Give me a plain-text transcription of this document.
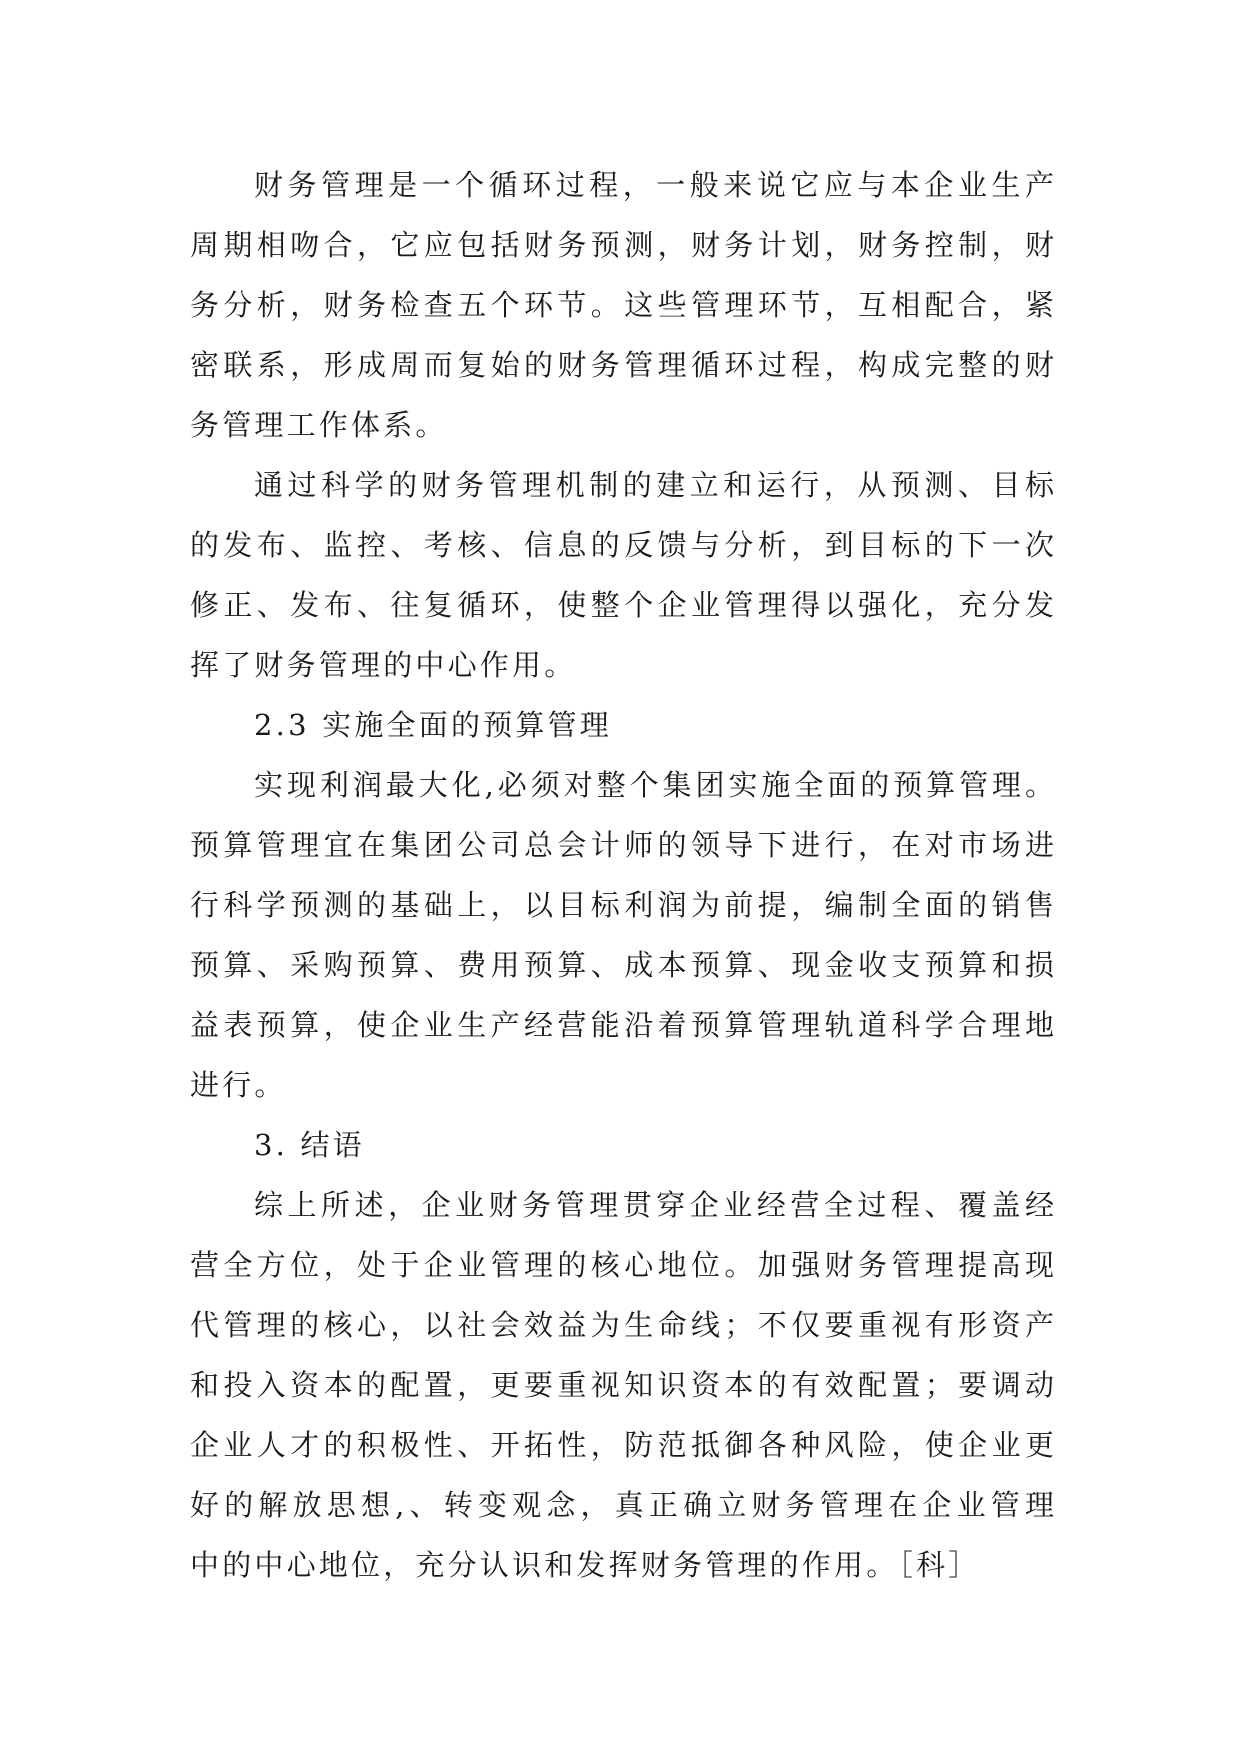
财务管理是一个循环过程，一般来说它应与本企业生产
周期相吻合，它应包括财务预测，财务计划，财务控制，财
务分析，财务检查五个环节。这些管理环节，互相配合，紧
密联系，形成周而复始的财务管理循环过程，构成完整的财
务管理工作体系。
通过科学的财务管理机制的建立和运行，从预测、目标
的发布、监控、考核、信息的反馈与分析，到目标的下一次
修正、发布、往复循环，使整个企业管理得以强化，充分发
挥了财务管理的中心作用。
2.3 实施全面的预算管理
实现利润最大化,必须对整个集团实施全面的预算管理。
预算管理宜在集团公司总会计师的领导下进行，在对市场进
行科学预测的基础上，以目标利润为前提，编制全面的销售
预算、采购预算、费用预算、成本预算、现金收支预算和损
益表预算，使企业生产经营能沿着预算管理轨道科学合理地
进行。
3. 结语
综上所述，企业财务管理贯穿企业经营全过程、覆盖经
营全方位，处于企业管理的核心地位。加强财务管理提高现
代管理的核心，以社会效益为生命线；不仅要重视有形资产
和投入资本的配置，更要重视知识资本的有效配置；要调动
企业人才的积极性、开拓性，防范抵御各种风险，使企业更
好的解放思想,、转变观念，真正确立财务管理在企业管理
中的中心地位，充分认识和发挥财务管理的作用。［科］
